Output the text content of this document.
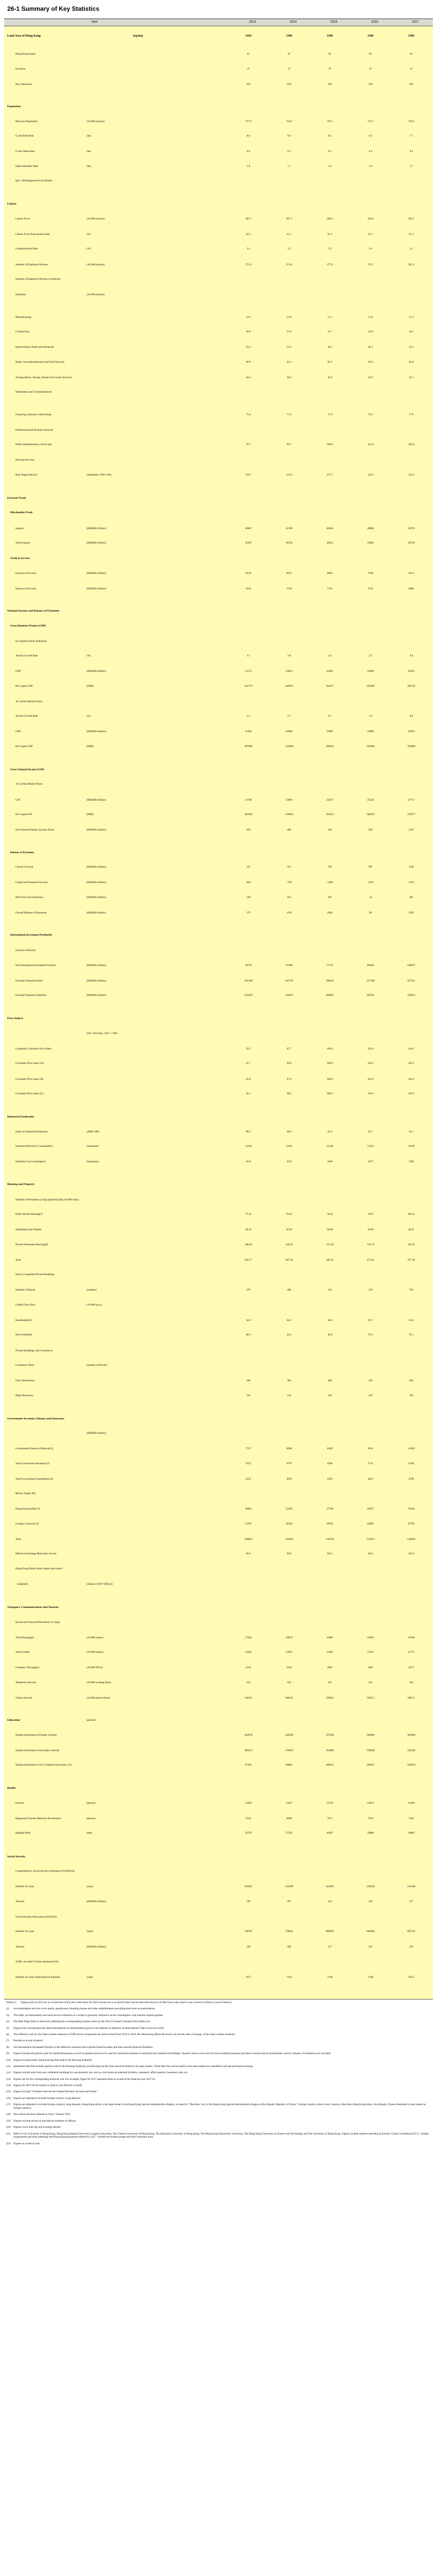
26-1 Summary of Key Statistics
Item	2013	2014	2015	2016	2017
Land Area of Hong Kong	(sq.km)	1104	1106	1106	1106	1106
Hong Kong Island	81	81	81	81	81
Kowloon	47	47	47	47	47
New Territories	976	978	978	978	978
Population
Mid-year Population	(10 000 persons)	717.9	723.9	729.1	733.7	739.2
Crude Birth Rate	(‰)	8.0	8.6	8.2	8.3	7.7
Crude Death Rate	(‰)	6.0	6.2	6.3	6.4	6.3
Infant Mortality Rate	(‰)	1.8	1.7	1.4	1.6	1.7
(per 1 000 Registered Live Births)
Labour
Labour Force	(10 000 persons)	385.5	387.1	390.3	392.0	394.7
Labour Force Participation Rate	(%)	61.2	61.1	61.1	61.1	61.1
Unemployment Rate	(%)	3.4	3.3	3.3	3.4	3.1
Number of Employed Persons	(10 000 persons)	372.4	374.4	377.4	378.7	382.3
Number of Employed Persons in Selected
Industries	(10 000 persons)
Manufacturing	12.6	13.0	11.3	11.8	11.1
Construction	30.9	31.0	31.7	32.8	34.2
Import/Export Trade and Wholesale	52.2	53.2	49.5	46.5	45.5
Retail, Accommodation(1) and Food Services	60.9	63.3	62.5	62.0	63.6
Transportation, Storage, Postal and Courier Services,	44.4	44.6	45.0	45.0	45.3
Information and Communications
Financing, Insurance, Real Estate,	71.4	73.3	75.9	76.2	77.9
Professional and Business Services
Public Administration, Social and	97.5	96.7	100.8	101.8	102.9
Personal Services
Real Wage Index(2)	(September 1992=100)	118.7	115.8	117.7	120.7	122.2
External Trade
Merchandise Trade
Imports	(HK$100 million)	40607	42190	40464	40084	43570
Total Exports	(HK$100 million)	35597	36726	36053	35882	38759
Trade in Services
Exports of Services	(HK$100 million)	8126	8251	8083	7648	8114
Imports of Services	(HK$100 million)	5632	5730	5743	5781	6066
National Income and Balance of Payments
Gross Domestic Product (GDP)
In Chained (2016) Dollars(3)
Annual Growth Rate	(%)	3.1	2.8	2.4	2.2	3.8
GDP	(HK$100 million)	23172	23812	24385	24908	25852
Per Capita GDP	(HK$)	322776	328970	334377	339500	349745
At Current Market Prices
Annual Growth Rate	(%)	5.3	5.7	6.1	3.9	6.8
GDP	(HK$100 million)	21383	22600	23983	24908	26610
Per Capita GDP	(HK$)	297860	312609	328924	339500	359996
Gross National Income (GNI)
At Current Market Prices
GNI	(HK$100 million)	21780	23066	24427	25534	27717
Per Capita GNI	(HK$)	303394	319058	335013	348033	374977
Net External Primary Income Flows	(HK$100 million)	403	466	444	626	1107
Balance of Payments
Current Account	(HK$100 million)	325	315	796	987	1149
Capital and Financial Account	(HK$100 million)	-863	-738	-1286	-1011	-1555
Net Errors and Omissions	(HK$100 million)	538	423	491	24	401
Overall Balance of Payments	(HK$100 million)	579	1391	2820	89	2505
International Investment Position(4)
(At End of Period)
Net International Investment Position	(HK$100 million)	58770	67488	77747	89468	108937
External Financial Assets	(HK$100 million)	291248	321765	338245	357398	427351
External Financial Liabilities	(HK$100 million)	232478	254427	260497	267921	318415
Price Indices
(Oct. 2014-Sep. 2015 = 100)
Composite Consumer Price Index	93.5	97.7	100.6	103.0	104.5
Consumer Price Index (A)	91.7	96.9	100.6	103.5	105.1
Consumer Price Index (B)	93.9	97.9	100.6	102.9	104.3
Consumer Price Index (C)	95.1	98.4	100.5	102.6	104.2
Industrial Production
Index of Industrial Production	(2008=100)	90.3	94.6	93.2	92.7	93.1
Industrial Electricity Consumption	(terajoules)	11190	11261	11436	11252	11196
Industrial Gas Consumption	(terajoules)	1612	1673	1649	1477	1509
Housing and Property
Number of Permanent Living Quarters(5)(6) (10 000 units)
Public Rental Housing(7)	77.21	78.10	78.32	78.67	80.54
Subsidised Sale Flats(8)	39.18	39.39	39.60	39.89	40.31
Private Permanent Housing(9)	148.40	149.55	151.64	154.79	156.51
Total	264.77	267.04	269.56	273.35	277.36
Newly Completed Private Buildings
Number of Blocks	(number)	679	486	612	539	703
Usable Floor Area	(10 000 sq.m.)
Residential(10)	34.8	64.5	58.0	63.7	63.2
Non-residential	48.3	45.4	44.8	59.2	74.1
Private Buildings with Consents to
Commence Work	(number of blocks)
First Submissions	448	362	486	383	269
Major Revisions	522	219	159	163	192
Government Accounts, Finance and Insurance
(HK$100 million)
Government's Reserve Balance(11)	7557	8280	8429	9543	11029
Total Government Revenue(12)	4553	4787	4500	5731	6198
Total Government Expenditure(12)	4335	4059	4355	4621	4709
Money Supply M3
Hong Kong Dollar(13)	48065	52392	57788	62927	70246
Foreign Currency(13)	52787	58129	58762	62087	67783
Total	100852	110469	116550	125013	138029
Effective Exchange Rate Index for the	94.9	96.0	101.3	104.1	104.2
Hong Kong Dollar (trade import and export
- weighted)	(January 2010=100)(14)
Transport, Communications and Tourism
Inward and Outward Movement of Cargo
Total Discharged	(10 000 tonnes)	17942	20079	16887	16665	19108
Total Loaded	(10 000 tonnes)	12632	12653	11491	11647	11772
Container Throughput	(10 000 TEUs)	2235	2223	2007	1981	2077
Telephone Services	(10 000 working lines)	432	432	421	421	416
Visitor Arrivals	(10 000 person-times)	5429.9	6083.9	5930.8	5665.5	5847.2
Education	(person)
Student Enrolment in Primary Schools	329918	329300	337038	349806	362649
Student Enrolment in Secondary Schools	399372	376603	354098	339849	332382
Student Enrolment in UGC-funded Universities (15)	97265	99661	100351	100937	102033
Health
Doctors	(person)	13203	13417	13726	14013	14290
Registered Chinese Medicine Practitioners	(person)	6743	6898	7071	7262	7425
Hospital Beds	(bed)	36720	37332	38207	39080	39683
Social Security
Comprehensive Social Security Assistance (CSSA)(16)
Number of Cases	(case)	259622	251099	242903	236020	231468
Amount	(HK$100 million)	195	197	223	223	217
Social Security Allowances (SSA)(16)
Number of Cases	(case)	748797	778841	808959	846028	897541
Amount	(HK$100 million)	169	180	217	221	236
Traffic Accident Victims Assistance(16)
Number of Cases Authorised for Payment	(case)	7675	7413	7148	7340	6553
Notes:(1) Figures prior to 2014 are as at mid-June of the year while those for 2014 onward are as at mid-October and include land area of Lok Ma Chau Loop which is not covered in District Council districts.
(2) Accommodation services cover hotels, guesthouses, boarding houses and other establishments providing short term accommodation.
(3) The retail, accommodation and food services industries as a whole is generally referred to as the consumption- and tourism-related segment.
(4) The Real Wage Index is derived by deflating the corresponding nominal index by the 2014/15-based Consumer Price Index (A).
(5) Figures have incorporated the latest international recommendations given in the Manual on Statistics of International Trade in Services 2010.
(6) The reference year for the chain volume measures of GDP and its components has been revised from 2015 to 2016. Re-referencing affects the levels, but not the rates of change, of the chain volume measures.
(7) Position as at end of period.
(8) Net International Investment Position is the difference between total external financial assets and total external financial liabilities.
(9) Figures include all quarters used for residential purpose as well as quarters known to be used for residential purposes in industrial and commercial buildings. Quarters known to be used for non-residential purpose and those in hotels and accommodation used by inmates of institutions are excluded.
(10) Figures exclude public rental housing flats sold by the Housing Authority.
(11) Subsidised sale flats include quarters sold by the Housing Authority and Housing Society that cannot be traded in the open market. Those flats that can be traded in the open market are classified as private permanent housing.
(12) Figures include units from new residential buildings for non-domestic use, such as club house recreational facilities, caretakers' office quarters, basement units, etc.
(13) Figures are for the corresponding financial year. For example, figure for 2017 represent those as at end of the financial year 2017/18.
(14) Figures for 2017/18 are subject to audit by the Director of Audit.
(15) Figures exclude "Transfers between the General Revenue Account and Funds".
(16) Figures are adjusted to include foreign currency swap deposits.
(17) Figures are adjusted to exclude foreign currency swap deposits. Hong Kong dollar is the legal tender in the Hong Kong Special Administrative Region, as stated in "The Basic Law of the Hong Kong Special Administrative Region of the People's Republic of China". Foreign currency refers to any currency other than Hong Kong dollar. Accordingly, Chinese Renminbi is also treated as foreign currency.
(18) New series has been released as from 1 January 2012.
(19) Figures exclude arrival of non-Macau residents via Macau.
(20) Figures cover both day and evening schools.
(21) Refer to City University of Hong Kong, Hong Kong Baptist University, Lingnan University, The Chinese University of Hong Kong, The Education University of Hong Kong, The Hong Kong Polytechnic University, The Hong Kong University of Science and Technology and The University of Hong Kong. Figures include students attending University Grants Committee (UGC) - funded programmes and those attending self-financing programmes offered by UGC - funded universities proper and their extension arms.
(22) Figures as at end of year.
